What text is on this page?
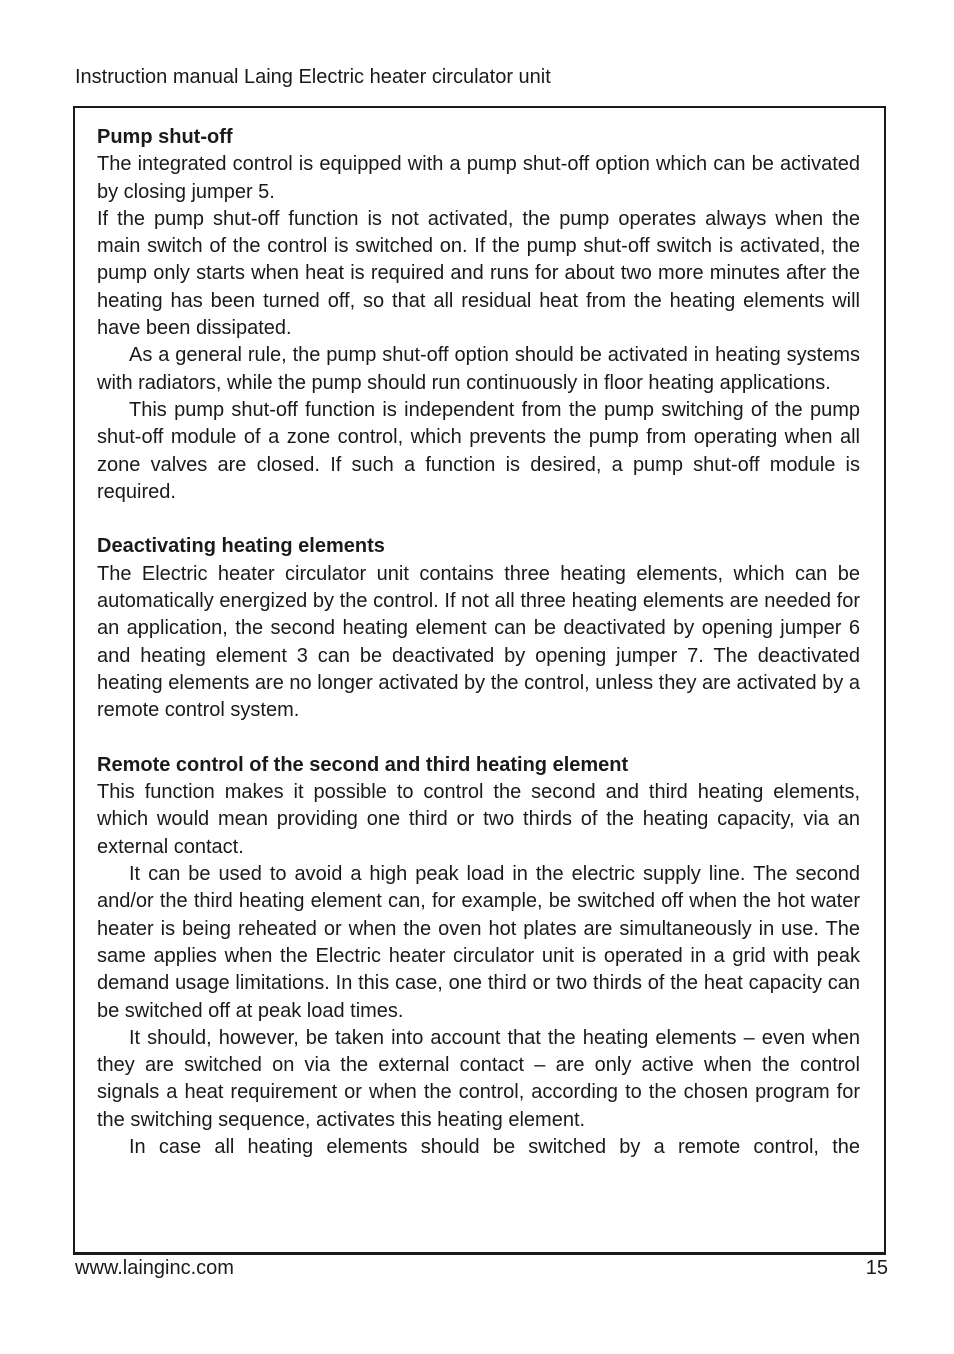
Instruction manual Laing Electric heater circulator unit
Pump shut-off

The integrated control is equipped with a pump shut-off option which can be activated by closing jumper 5.

If the pump shut-off function is not activated, the pump operates always when the main switch of the control is switched on. If the pump shut-off switch is activated, the pump only starts when heat is required and runs for about two more minutes after the heating has been turned off, so that all residual heat from the heating elements will have been dissipated.

As a general rule, the pump shut-off option should be activated in heating systems with radiators, while the pump should run continuously in floor heating applications.

This pump shut-off function is independent from the pump switching of the pump shut-off module of a zone control, which prevents the pump from operating when all zone valves are closed. If such a function is desired, a pump shut-off module is required.

Deactivating heating elements

The Electric heater circulator unit contains three heating elements, which can be automatically energized by the control. If not all three heating elements are needed for an application, the second heating element can be deactivated by opening jumper 6 and heating element 3 can be deactivated by opening jumper 7. The deactivated heating elements are no longer activated by the control, unless they are activated by a remote control system.

Remote control of the second and third heating element

This function makes it possible to control the second and third heating elements, which would mean providing one third or two thirds of the heating capacity, via an external contact.

It can be used to avoid a high peak load in the electric supply line. The second and/or the third heating element can, for example, be switched off when the hot water heater is being reheated or when the oven hot plates are simultaneously in use. The same applies when the Electric heater circulator unit is operated in a grid with peak demand usage limitations. In this case, one third or two thirds of the heat capacity can be switched off at peak load times.

It should, however, be taken into account that the heating elements – even when they are switched on via the external contact – are only active when the control signals a heat requirement or when the control, according to the chosen program for the switching sequence, activates this heating element.

In case all heating elements should be switched by a remote control, the

www.lainginc.com	15
